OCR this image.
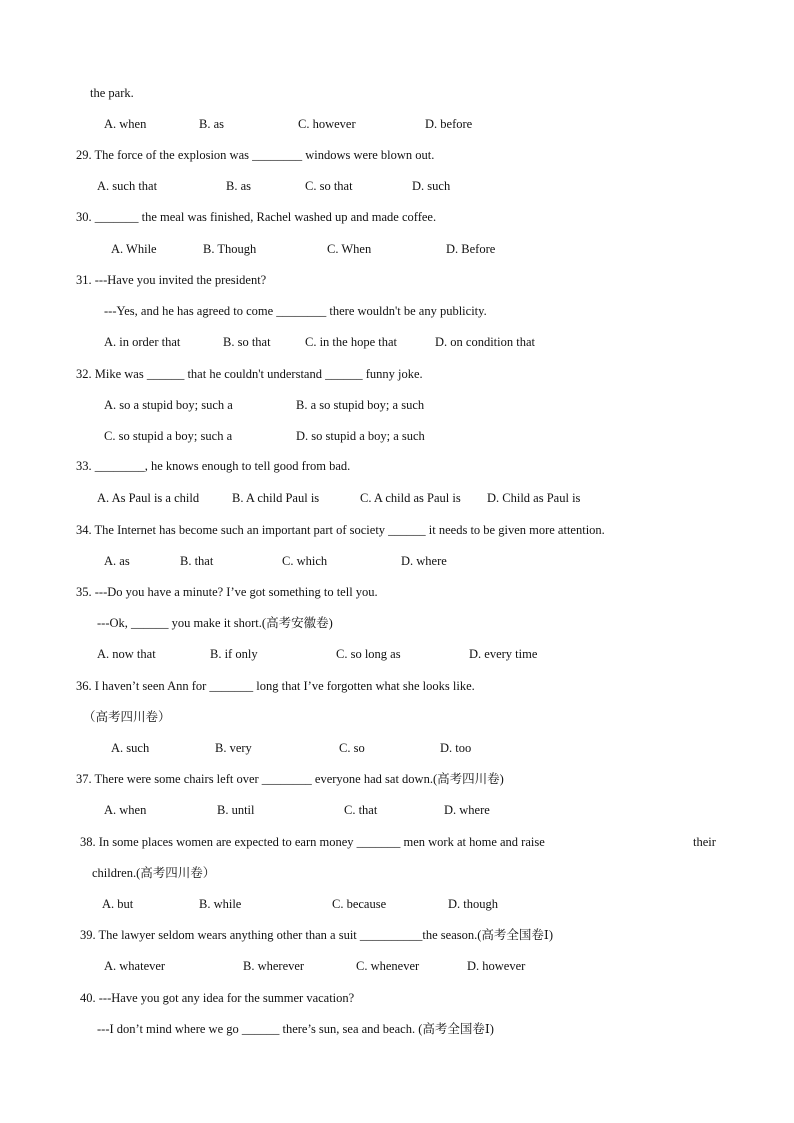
the park.
29. The force of the explosion was ________ windows were blown out.
30. _______ the meal was finished, Rachel washed up and made coffee.
31. ---Have you invited the president?
---Yes, and he has agreed to come ________ there wouldn't be any publicity.
32. Mike was ______ that he couldn't understand ______ funny joke.
33. ________, he knows enough to tell good from bad.
34. The Internet has become such an important part of society ______ it needs to be given more attention.
35. ---Do you have a minute? I’ve got something to tell you.
---Ok, ______ you make it short.(高考安徽卷)
36. I haven’t seen Ann for _______ long that I’ve forgotten what she looks like.
（高考四川卷）
37. There were some chairs left over ________ everyone had sat down.(高考四川卷)
38. In some places women are expected to earn money _______ men work at home and raise	their
children.(高考四川卷）
39. The lawyer seldom wears anything other than a suit __________the season.(高考全国卷Ⅰ)
40. ---Have you got any idea for the summer vacation?
---I don’t mind where we go ______ there’s sun, sea and beach. (高考全国卷Ⅰ)
A. when	B. as	C. however	D. before
A. such that	B. as	C. so that	D. such
A. While	B. Though	C. When	D. Before
A. in order that	B. so that	C. in the hope that	D. on condition that
A. so a stupid boy; such a	B. a so stupid boy; a such
C. so stupid a boy; such a	D. so stupid a boy; a such
A. As Paul is a child	B. A child Paul is	C. A child as Paul is D. Child as Paul is
A. as	B. that	C. which	D. where
A. now that	B. if only	C. so long as	D. every time
A. such	B. very	C. so	D. too
A. when	B. until	C. that	D. where
A. but	B. while	C. because	D. though
A. whatever	B. wherever	C. whenever	D. however
